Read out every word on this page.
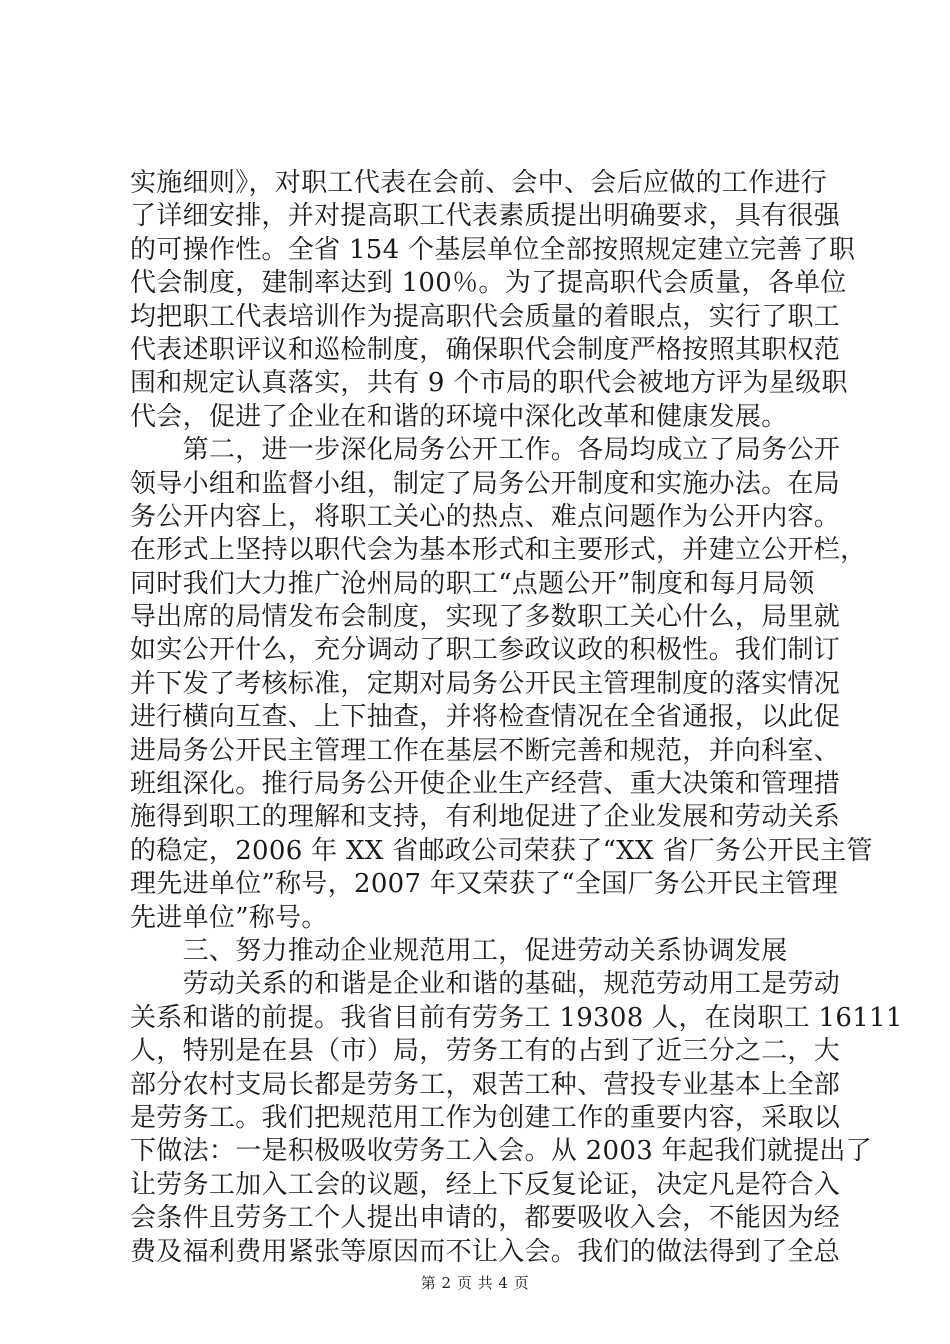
实施细则》，对职工代表在会前、会中、会后应做的工作进行
了详细安排，并对提高职工代表素质提出明确要求，具有很强
的可操作性。全省 154 个基层单位全部按照规定建立完善了职
代会制度，建制率达到 100％。为了提高职代会质量，各单位
均把职工代表培训作为提高职代会质量的着眼点，实行了职工
代表述职评议和巡检制度，确保职代会制度严格按照其职权范
围和规定认真落实，共有 9 个市局的职代会被地方评为星级职
代会，促进了企业在和谐的环境中深化改革和健康发展。
　　第二，进一步深化局务公开工作。各局均成立了局务公开
领导小组和监督小组，制定了局务公开制度和实施办法。在局
务公开内容上，将职工关心的热点、难点问题作为公开内容。
在形式上坚持以职代会为基本形式和主要形式，并建立公开栏，
同时我们大力推广沧州局的职工“点题公开”制度和每月局领
导出席的局情发布会制度，实现了多数职工关心什么，局里就
如实公开什么，充分调动了职工参政议政的积极性。我们制订
并下发了考核标准，定期对局务公开民主管理制度的落实情况
进行横向互查、上下抽查，并将检查情况在全省通报，以此促
进局务公开民主管理工作在基层不断完善和规范，并向科室、
班组深化。推行局务公开使企业生产经营、重大决策和管理措
施得到职工的理解和支持，有利地促进了企业发展和劳动关系
的稳定，2006 年 XX 省邮政公司荣获了“XX 省厂务公开民主管
理先进单位”称号，2007 年又荣获了“全国厂务公开民主管理
先进单位”称号。
　　三、努力推动企业规范用工，促进劳动关系协调发展
　　劳动关系的和谐是企业和谐的基础，规范劳动用工是劳动
关系和谐的前提。我省目前有劳务工 19308 人，在岗职工 16111
人，特别是在县（市）局，劳务工有的占到了近三分之二，大
部分农村支局长都是劳务工，艰苦工种、营投专业基本上全部
是劳务工。我们把规范用工作为创建工作的重要内容，采取以
下做法：一是积极吸收劳务工入会。从 2003 年起我们就提出了
让劳务工加入工会的议题，经上下反复论证，决定凡是符合入
会条件且劳务工个人提出申请的，都要吸收入会，不能因为经
费及福利费用紧张等原因而不让入会。我们的做法得到了全总
第 2 页 共 4 页
